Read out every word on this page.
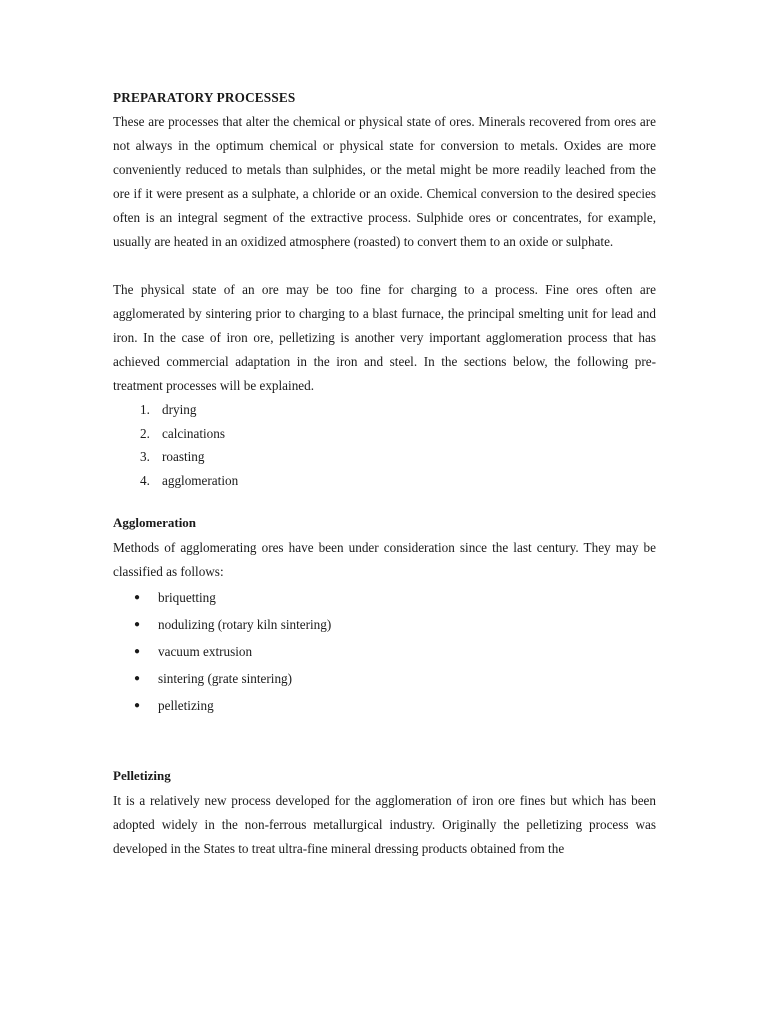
PREPARATORY PROCESSES

These are processes that alter the chemical or physical state of ores. Minerals recovered from ores are not always in the optimum chemical or physical state for conversion to metals. Oxides are more conveniently reduced to metals than sulphides, or the metal might be more readily leached from the ore if it were present as a sulphate, a chloride or an oxide. Chemical conversion to the desired species often is an integral segment of the extractive process. Sulphide ores or concentrates, for example, usually are heated in an oxidized atmosphere (roasted) to convert them to an oxide or sulphate.

The physical state of an ore may be too fine for charging to a process. Fine ores often are agglomerated by sintering prior to charging to a blast furnace, the principal smelting unit for lead and iron. In the case of iron ore, pelletizing is another very important agglomeration process that has achieved commercial adaptation in the iron and steel. In the sections below, the following pre-treatment processes will be explained.

1. drying
2. calcinations
3. roasting
4. agglomeration
Agglomeration

Methods of agglomerating ores have been under consideration since the last century. They may be classified as follows:

●	briquetting
●	nodulizing (rotary kiln sintering)
●	vacuum extrusion
●	sintering (grate sintering)
●	pelletizing
Pelletizing

It is a relatively new process developed for the agglomeration of iron ore fines but which has been adopted widely in the non-ferrous metallurgical industry. Originally the pelletizing process was developed in the States to treat ultra-fine mineral dressing products obtained from the
